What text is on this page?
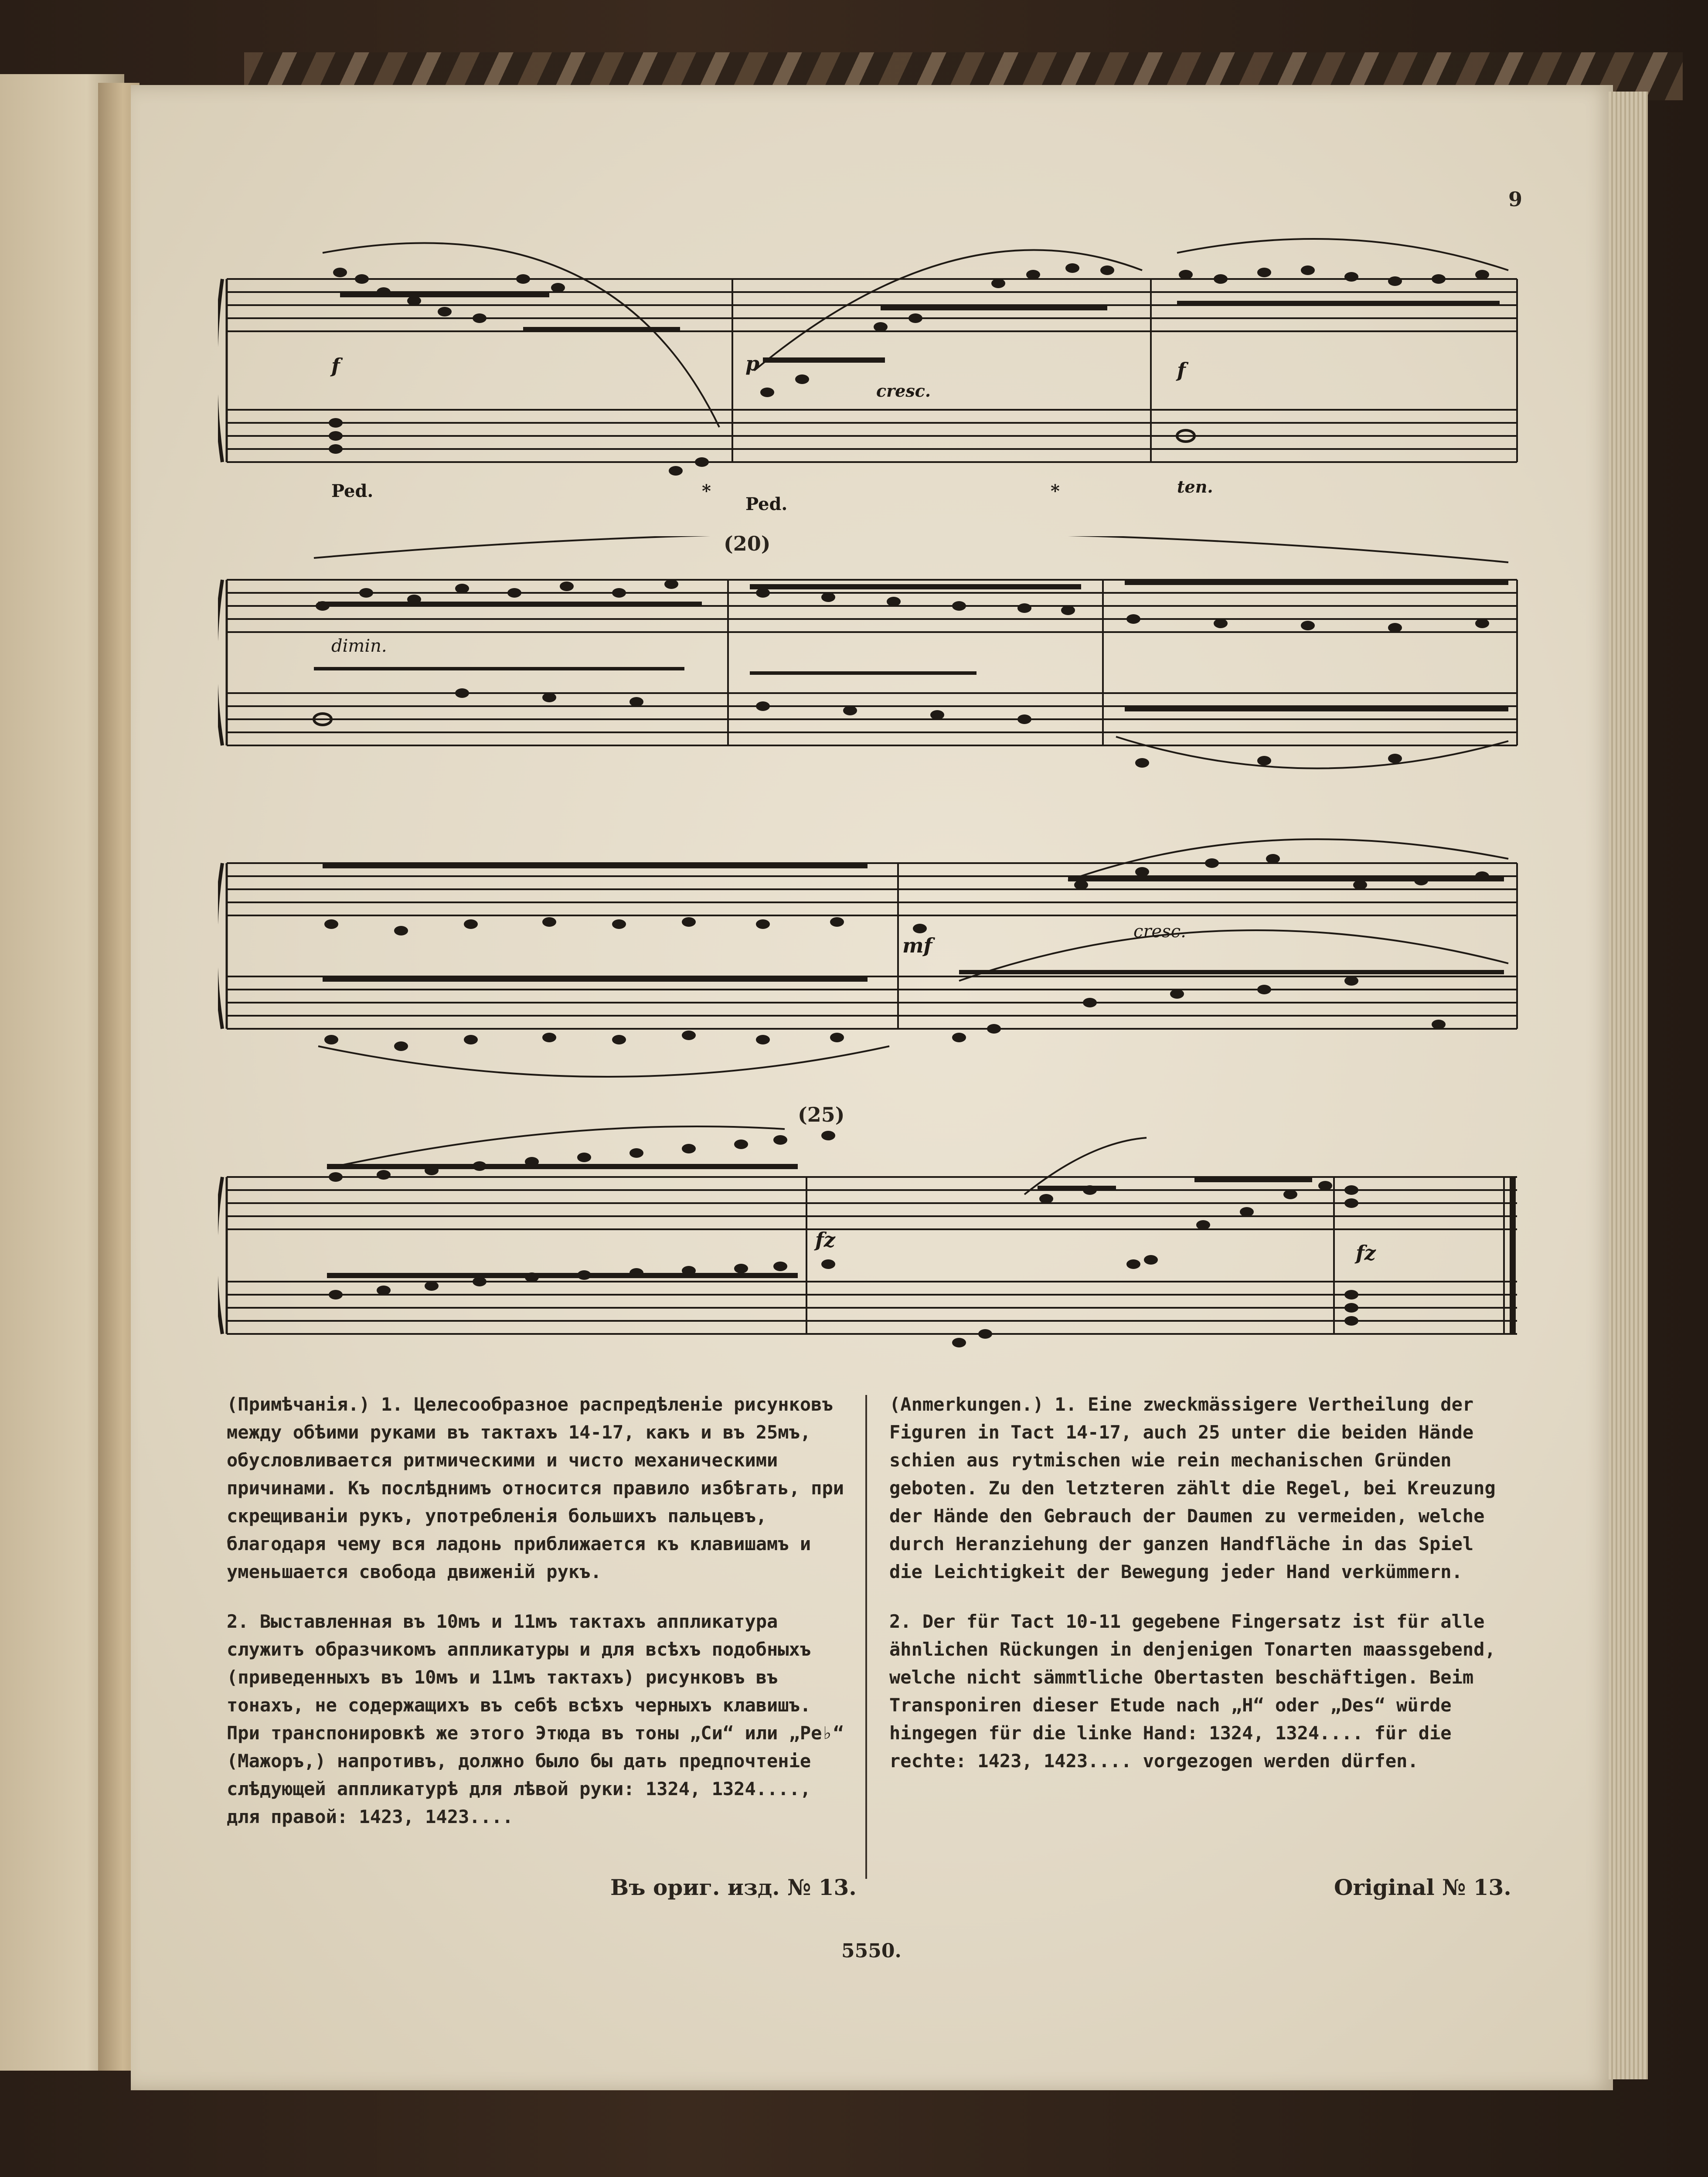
9
f	p
cresc.
f
ten.
Ped.	*
Ped.
*
(20)
dimin.
mf
cresc.
(25)
fz
fz

(Примѣчанія.) 1. Целесообразное распредѣленіе рисунковъ между обѣими руками въ тактахъ 14-17, какъ и въ 25мъ, обусловливается ритмическими и чисто механическими причинами. Къ послѣднимъ относится правило избѣгать, при скрещиваніи рукъ, употребленія большихъ пальцевъ, благодаря чему вся ладонь приближается къ клавишамъ и уменьшается свобода движеній рукъ.

2. Выставленная въ 10мъ и 11мъ тактахъ аппликатура служитъ образчикомъ аппликатуры и для всѣхъ подобныхъ (приведенныхъ въ 10мъ и 11мъ тактахъ) рисунковъ въ тонахъ, не содержащихъ въ себѣ всѣхъ черныхъ клавишъ. При транспонировкѣ же этого Этюда въ тоны „Си“ или „Ре♭“ (Мажоръ,) напротивъ, должно было бы дать предпочтеніе слѣдующей аппликатурѣ для лѣвой руки: 1324, 1324...., для правой: 1423, 1423....

(Anmerkungen.) 1. Eine zweckmässigere Vertheilung der Figuren in Tact 14-17, auch 25 unter die beiden Hände schien aus rytmischen wie rein mechanischen Gründen geboten. Zu den letzteren zählt die Regel, bei Kreuzung der Hände den Gebrauch der Daumen zu vermeiden, welche durch Heranziehung der ganzen Handfläche in das Spiel die Leichtigkeit der Bewegung jeder Hand verkümmern.

2. Der für Tact 10-11 gegebene Fingersatz ist für alle ähnlichen Rückungen in denjenigen Tonarten maassgebend, welche nicht sämmtliche Obertasten beschäftigen. Beim Transponiren dieser Etude nach „H“ oder „Des“ würde hingegen für die linke Hand: 1324, 1324.... für die rechte: 1423, 1423.... vorgezogen werden dürfen.

Въ ориг. изд. № 13.	Original № 13.
5550.
